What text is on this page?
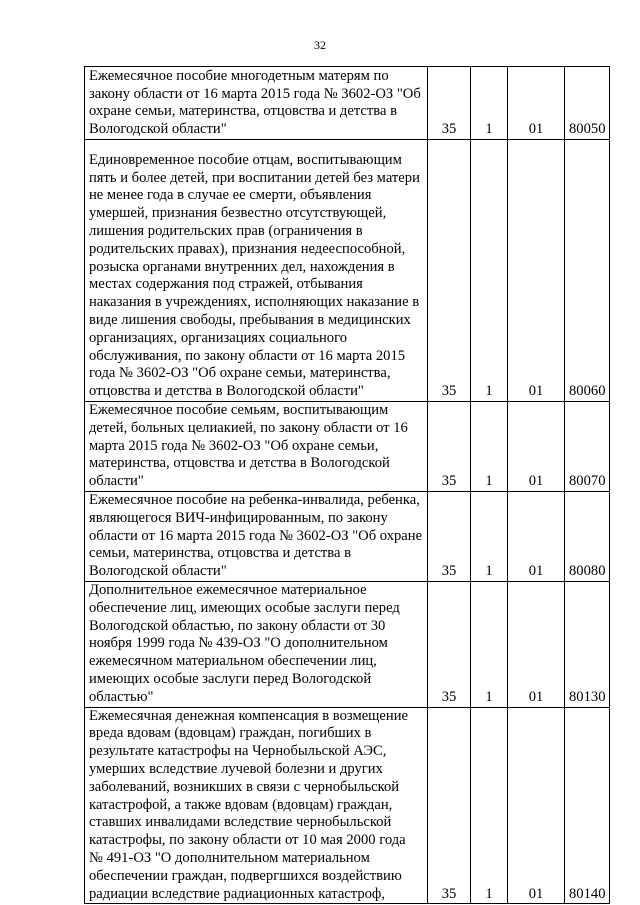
32
Ежемесячное пособие многодетным матерям по закону области от 16 марта 2015 года № 3602-ОЗ "Об охране семьи, материнства, отцовства и детства в Вологодской области"	35	1	01	80050

Единовременное пособие отцам, воспитывающим пять и более детей, при воспитании детей без матери не менее года в случае ее смерти, объявления умершей, признания безвестно отсутствующей, лишения родительских прав (ограничения в родительских правах), признания недееспособной, розыска органами внутренних дел, нахождения в местах содержания под стражей, отбывания наказания в учреждениях, исполняющих наказание в виде лишения свободы, пребывания в медицинских организациях, организациях социального обслуживания, по закону области от 16 марта 2015 года № 3602-ОЗ "Об охране семьи, материнства, отцовства и детства в Вологодской области"	35	1	01	80060

Ежемесячное пособие семьям, воспитывающим детей, больных целиакией, по закону области от 16 марта 2015 года № 3602-ОЗ "Об охране семьи, материнства, отцовства и детства в Вологодской области"	35	1	01	80070

Ежемесячное пособие на ребенка-инвалида, ребенка, являющегося ВИЧ-инфицированным, по закону области от 16 марта 2015 года № 3602-ОЗ "Об охране семьи, материнства, отцовства и детства в Вологодской области"	35	1	01	80080

Дополнительное ежемесячное материальное обеспечение лиц, имеющих особые заслуги перед Вологодской областью, по закону области от 30 ноября 1999 года № 439-ОЗ "О дополнительном ежемесячном материальном обеспечении лиц, имеющих особые заслуги перед Вологодской областью"	35	1	01	80130

Ежемесячная денежная компенсация в возмещение вреда вдовам (вдовцам) граждан, погибших в результате катастрофы на Чернобыльской АЭС, умерших вследствие лучевой болезни и других заболеваний, возникших в связи с чернобыльской катастрофой, а также вдовам (вдовцам) граждан, ставших инвалидами вследствие чернобыльской катастрофы, по закону области от 10 мая 2000 года № 491-ОЗ "О дополнительном материальном обеспечении граждан, подвергшихся воздействию радиации вследствие радиационных катастроф,	35	1	01	80140
